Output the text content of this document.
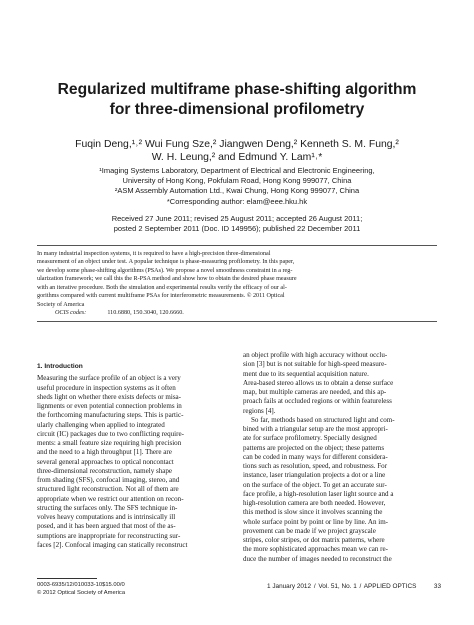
Regularized multiframe phase-shifting algorithm
for three-dimensional profilometry
Fuqin Deng,¹˒² Wui Fung Sze,² Jiangwen Deng,² Kenneth S. M. Fung,²
W. H. Leung,² and Edmund Y. Lam¹˒*
¹Imaging Systems Laboratory, Department of Electrical and Electronic Engineering,
University of Hong Kong, Pokfulam Road, Hong Kong 999077, China
²ASM Assembly Automation Ltd., Kwai Chung, Hong Kong 999077, China
*Corresponding author: elam@eee.hku.hk
Received 27 June 2011; revised 25 August 2011; accepted 26 August 2011;
posted 2 September 2011 (Doc. ID 149956); published 22 December 2011
In many industrial inspection systems, it is required to have a high-precision three-dimensional
measurement of an object under test. A popular technique is phase-measuring profilometry. In this paper,
we develop some phase-shifting algorithms (PSAs). We propose a novel smoothness constraint in a reg-
ularization framework; we call this the R-PSA method and show how to obtain the desired phase measure
with an iterative procedure. Both the simulation and experimental results verify the efficacy of our al-
gorithms compared with current multiframe PSAs for interferometric measurements. © 2011 Optical
Society of America
OCIS codes:	110.6880, 150.3040, 120.6660.
1. Introduction
Measuring the surface profile of an object is a very
useful procedure in inspection systems as it often
sheds light on whether there exists defects or misa-
lignments or even potential connection problems in
the forthcoming manufacturing steps. This is partic-
ularly challenging when applied to integrated
circuit (IC) packages due to two conflicting require-
ments: a small feature size requiring high precision
and the need to a high throughput [1]. There are
several general approaches to optical noncontact
three-dimensional reconstruction, namely shape
from shading (SFS), confocal imaging, stereo, and
structured light reconstruction. Not all of them are
appropriate when we restrict our attention on recon-
structing the surfaces only. The SFS technique in-
volves heavy computations and is intrinsically ill
posed, and it has been argued that most of the as-
sumptions are inappropriate for reconstructing sur-
faces [2]. Confocal imaging can statically reconstruct
an object profile with high accuracy without occlu-
sion [3] but is not suitable for high-speed measure-
ment due to its sequential acquisition nature.
Area-based stereo allows us to obtain a dense surface
map, but multiple cameras are needed, and this ap-
proach fails at occluded regions or within featureless
regions [4].
So far, methods based on structured light and com-
bined with a triangular setup are the most appropri-
ate for surface profilometry. Specially designed
patterns are projected on the object; these patterns
can be coded in many ways for different considera-
tions such as resolution, speed, and robustness. For
instance, laser triangulation projects a dot or a line
on the surface of the object. To get an accurate sur-
face profile, a high-resolution laser light source and a
high-resolution camera are both needed. However,
this method is slow since it involves scanning the
whole surface point by point or line by line. An im-
provement can be made if we project grayscale
stripes, color stripes, or dot matrix patterns, where
the more sophisticated approaches mean we can re-
duce the number of images needed to reconstruct the
0003-6935/12/010033-10$15.00/0
© 2012 Optical Society of America
1 January 2012 / Vol. 51, No. 1 / APPLIED OPTICS	33
